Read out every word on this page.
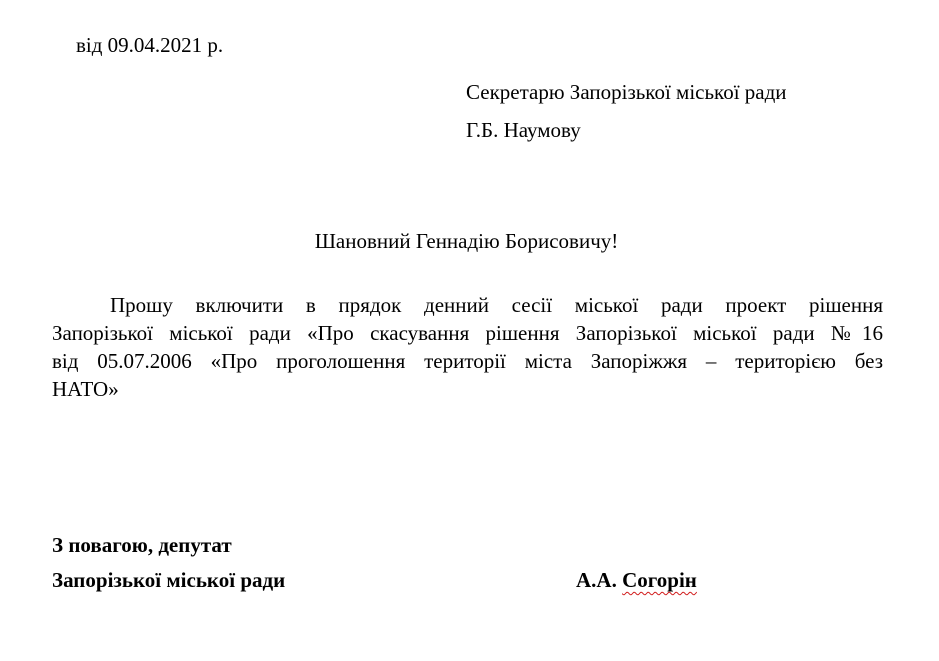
від 09.04.2021 р.
Секретарю Запорізької міської ради
Г.Б. Наумову
Шановний Геннадію Борисовичу!
Прошу включити в прядок денний сесії міської ради проект рішення
Запорізької міської ради «Про скасування рішення Запорізької міської ради №16
від 05.07.2006 «Про проголошення території міста Запоріжжя – територією без
НАТО»
З повагою, депутат
Запорізької міської ради	А.А. Согорін
